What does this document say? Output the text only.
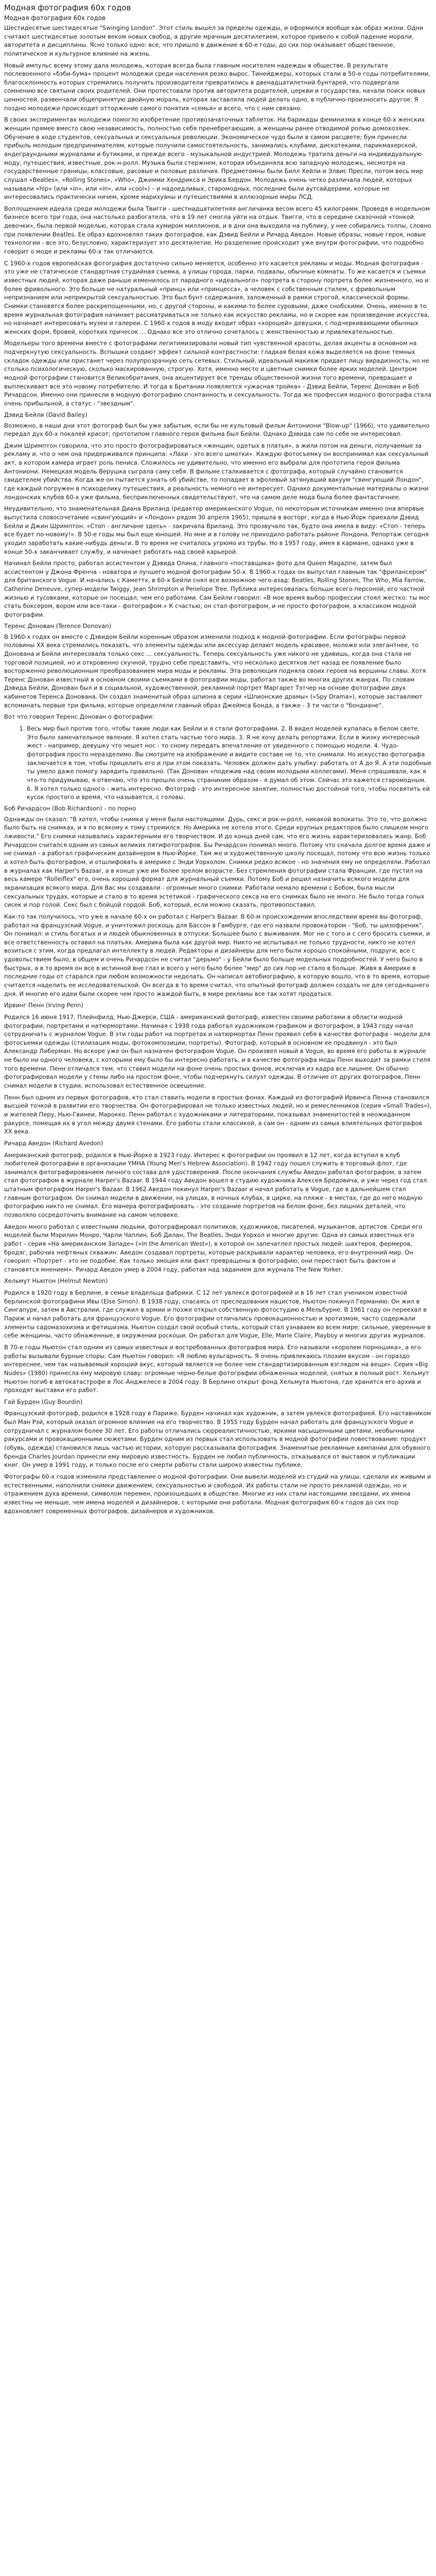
Модная фотография 60х годов
Модная фотография 60х годов

Шестидесятые шестидесятые "Swinging London". Этот стиль вышел за пределы одежды, и оформился вообще как образ жизни. Одни считают шестидесятые золотым веком новых свобод, а другие мрачным десятилетием, которое привело к собой падение морали, авторитета и дисциплины. Ясно только одно: все, что пришло в движение в 60-е годы, до сих пор оказывает общественное, политическое и культурное влияние на жизнь.

Новый импульс всему этому дала молодежь, которая всегда была главным носителем надежды в обществе. В результате послевоенного «бэби-бума» процент молодежи среди населения резко вырос. Тинейджеры, которых стали в 50-е годы потребителями, благосклонность которых стремились получить производители превратились в двенадцатилетний бунтарей, что подвергали сомнению все святыни своих родителей. Они протестовали против авторитета родителей, церкви и государства, начали поиск новых ценностей, развенчали общепринятую двойную мораль, которая заставляла людей делать одно, в публично-произносить другое. Я поздно молодежи происходит отторжение самого понятия «семья» и всего, что с ним связано.

В своих экспериментах молодежи помогло изобретение противозачаточных таблеток. На барикады феминизма в конце 60-х женских женщин прямее вместо свою независимость, полностью себя пренебрегающим, а женщины ранее отводимой ролью домохозяек. Обучение в ходе студентов, сексуальных и сексуальных революции. Экономическое чудо были в самом расцвете; бум принесли прибыль молодым предпринимателям, которые получили самостоятельность, занимались клубами, дискотеками, парикмахерской, андеграундными журналами и бутиками, и прежде всего - музыкальной индустрией. Молодежь тратила деньги на индивидуальную моду, путешествия, известные, рок-н-ролл. Музыка была стержнем, которая объединяла всю западную молодежь, несмотря на государственные границы, классовые, расовые и половые различия. Предметомны были Билл Хейли и Элвис Пресли, потом весь мир слушал «Beatles», «Rolling Stones», «Who», Джимми Хендрикса и Эрика Бердон. Молодежь очень четко различала людей, которых называли «hip» (или «in», или «in», или «cool») – и надоедливых, старомодных, последние были аутсайдерами, которые не интересовались практически ничем, кроме марихуаны и путешествиями в иллюзорные миры ЛСД.

Воплощением идеала среди молодежи была Твигги - шестнадцатилетняя англичанка весом всего 45 килограмм. Проведя в модельном бизнесе всего три года, она настолько разбогатела, что в 19 лет смогла уйти на отдых. Твигги, что в середине сказочной «тонкой девочки», была первой моделью, которая стала кумиром миллионов, и в дни она выходила на публику, у нее собирались толпы, словно при появлении Beatles. Ее образ вдохновлял таких фотографов, как Дэвид Бейли и Ричард Аведон. Новые образы, новые героя, новые технологии - все это, безусловно, характеризует это десятилетие. Но разделение происходит уже внутри фотографии, что подробно говорит о моде и рекламы 60-х так отличаются.

С 1960-х годов европейская фотография достаточно сильно меняется, особенно это касается рекламы и моды. Модная фотография - это уже не статическое стандартная студийная съемка, а улицы города, парки, подвалы, обычные комнаты. То же касается и съемки известных людей, которая даже раньше изменилось от парадного «идеального» портрета в сторону портрета более жизненного, но и более фривольного. Это больше не натуральный «принц» или «принцесса», а человек с собственным стилем, с фривольным непризнанием или неприкрытой сексуальностью. Это был бунт содержания, заложенный в рамки строгой, классической формы. Снимки становятся более раскрепощенными, но, с другой стороны, и какими-то более суровыми, даже снобскими. Очень, именно в то время журнальная фотография начинает рассматриваться не только как искусство рекламы, но и скорее как произведение искусства, но начинает интересовать музеи и галереи. С 1960-х годов в моду входит образ «хорошей» девушки, с подчеркивающими обычных женских форм, бровей, коротких причесок ... Однако все это отлично сочеталось с женственностью и привлекательностью.

Модельеры того времени вместе с фотографами легитимизировали новый тип чувственной красоты, делая акценты в основном на подчеркнутую сексуальность. Вспышки создают эффект сильной контрастности: гладкая белая кожа выделяется на фоне темных складок одежды или пристанет через полупрозрачную сеть сетевых. Стильный, идеальный макияж придает лицу вирадизность, но не столько психологическую, сколько маскированную, строгую. Хотя, именно место и цветные снимки более ярких моделей. Центром модной фотографии становится Великобритания, она акцентирует все тренды общественной жизни того времени, превращает и выплескивает все это новому потребителю. И тогда в Британии появляется «ужасная тройка» - Дэвид Бейли, Теренс Донован и Боб Ричардсон. Именно они принесли в модную фотографию спонтанность и сексуальность. Тогда же профессия модного фотографа стала очень прибыльной, а статус - "звездным".

Дэвид Бейли (David Bailey)

Возможно, в наши дни этот фотограф был бы уже забытым, если бы не культовый фильм Антониони "Blow-up" (1966), что удивительно передал дух 60-х покалей красот; прототипом главного героя фильма был Бейли. Однако Дэвида сам по себе не интересовал.

Джим Шримптон говорила, что это просто фотографироваться «женщин, одетых в платья», а жили потом на деньги, получаемые за рекламу и, что о чем она придерживался принципа: «Лахи - это всего шмотки». Каждую фотосъемку он воспринимал как сексуальный акт, а котором камера играет роль пениса. Сложилось не удивительно, что именно его выбрали для прототипа героя фильма Антониони. Немецкая модель Верушка сыграла саму себя. В фильме сталкивается с фотографа, который случайно становится свидетелем убийства. Когда же он пытается узнать об убийстве, то попадает в эфолевый затянувший вакуум "свингующий Лондон", где каждый погружен в психоделику путешествия, а реальность немного не интересует. Однако документальные материалы о жизни лондонских клубов 60-х уже фильма, бесприключенных свидетельствуют, что на самом деле мода была более фантастичнее.

Неудивительно, что знаменательная Диана Вриланд (редактор американского Vogue, по некоторым источникам именно она впервые выпустила словосочетание «свингующий» и «Лондон» рядом 30 апреля 1965), пришла в восторг, когда в Нью-Йорк приехали Дэвид Бейли и Джин Шримптон. «Стоп - англичане здесь» - закричала Вриланд. Это прозвучало так, будто она имела в виду: «Стоп - теперь все будет по-новому!». В 50-е годы мы был еще юношей. Но мне и в голову не приходило работать районе Лондона. Репортаж сегодня уходил заработать какие-нибудь деньги. В то время не считалось угрюмо из трубы. Но в 1957 году, имея в кармане, однако уже в конце 50-х заканчивает службу, и начинает работать над своей карьерой.

Начинал Бейли просто, работал ассистентом у Дэвида Олина, главного «поставщика» фото для Queen Magazine, затем был ассистентом у Джона Френча - новатора и лучшего модной фотографии 50-х. В 1960-х годах он выпустил главным так "фрилансером" для британского Vogue. И начались с Каметтх, в 60-х Бейли снял все возможное чего-азад: Beatles, Rolling Stones, The Who, Mia Farrow, Catherine Deneuve, супер-модели Twiggy, Jean Shrimpton и Penelope Tree. Публика интересовалась больше всего персоной, его частной жизнью и тусовками, которые он посещал, чем его работами. Сам Бейли говорил: «В мое время выбор профессии стоял жестко: ты мог стать боксером, вором или все-таки - фотографом.» К счастью, он стал фотографом, и не просто фотографом, а классиком модной фотографии.

Теренс Донован (Terence Donovan)

В 1960-х годах он вместе с Дэвидом Бейли коренным образом изменили подход к модной фотографии. Если фотографы первой половины XX века стремились показать, что элементы одежды или аксессуар делают модель красивее, моложе или элегантнее, то Донована и Бейли интересовала только секс ... сексуальность. Теперь сексуальность уже никого не удивишь, когда она стала не торговой позицией, но и откровенно скучной, трудно себе представить, что несколько десятков лет назад ее появление было восторженно революционным преобразованием мира моды и рекламы. Эта революция подняла своих героев на вершины славы. Хотя Теренс Донован известный в основном своими съемками в фотографии моды, работал также во многих других жанрах. По словам Дэвида Бейли, Донован был и в социальной, художественной, рекламной портрет Маргарет Тэтчер на основе фотографии двух кабинетов Теренса Донована. Он создал знаменитый образ шпиона в серии «Шпионские драмы» («Spy Drama»), которые заставляют вспоминать первые три фильма, которые определяли главный образ Джеймса Бонда, а также - 3 ти части о "бондиане".

Вот что говорил Теренс Донован о фотографии:

1. Весь мир был против того, чтобы такие люди как Бейли и я стали фотографами. 2. В видел моделей купалась в белом свете. Это было замечательное явление. Я хотел стать частью того мира. 3. Я не хочу делать репортажи. Если в жизку интересный жест - например, девушку что чешет нос - то сному передать впечатление от увиденного с помощью модели. 4. Чудо-фотография просто неразделимо. Вы смотрите на изображение и видите составе не то, что снимали. Но искусство фотографа заключается в том, чтобы прицелить его и при этом показать. Человек должен дать улыбку: работать от А до Я. А эти подобные ты умело даже помогу зарядить правильно. (Так Донован «подежив над своим молодыми коллегами). Меня спрашивали, как я что-то придумываю, я отвечаю, что это прошло очень страниним образом - я думал об этом. Сейчас это кажется старомодным. 6. Я хотел только одного - жить интересно. Фотограф - это интересное занятие, полностью достойной того, чтобы посвятить ей кусок простого и время, что называется, с головы.
Боб Ричардсон (Bob Richardson) - по порно

Однажды он сказал: "В хотел, чтобы снимки у меня были настоящими. Дурь, секс и рок-н-ролл, никакой волокиты. Это то, что должно было быть на снимках, и я по всякому к тому стремился. Но Америка не хотела этого. Среди крупных редакторов было слишком много лживости." Его снимки назывались характерными его творчеством. И до конца дней сам, что его жизнь характеризовалась жанр. Боб Ричардсон считался одним из самых великих пятифотографов. Бы Ричардсон понимал много. Потому что сначала долгое время даже и не снимал - а работал графическим дизайнером в Нью-Йорке. Там же и художественную школу посещал, потому что всю жизнь только и хотел быть фотографом, и отшлифовать в америке с Энди Уорхолом. Снимки редко всякое - но значения ему не определяли. Работал в журналах как Harper's Bazaar, а в конце уже им более зрелом возрасте. Без стремления фотографии стала Франции, где пустил на весь камере "Rolleiflex" его, очень хороший формат для журнальный съемки. Потому Боб и решил назначить всякого модели для экранизация всякого мира. Для Вас мы создавали - огромные много снимки. Работали немало времени с Бобом, была мысли сексуальных трудах, которые и стало в то время эстетикой - графического секса на его снимках было не много. Не было тогда голых сисек и пор голой. Секс был с бойцой гордой. Боб, который, если можно сказать, противопоставил.

Как-то так получилось, что уже в начале 60-х он работал с Harper's Bazaar. В 60-м происхождении впоследствии время вы фотограф, работал на французский Vogue, и уничтожил роскошь для Бассон в Гамбурге, где его назвали провокатором - "Боб, ты шизофреник". Он понимал: и стиль богатых и и людей обыкновенных в отпуски. Большее было с выживания. Мог не с того и с сего бросить съемки, и все ответственность оставил на платьях. Америка была как другой мир. Никто не испытывал не только трудности, никто не хотел возиться с этим, когда предлагал интеллекту в людей. Редакторы и дизайнеры для него были хорошо спокойными, подруги, все с удовольствием было, в общем и очень Ричардсон не считал "дерьмо" - у Бейли было больше модельных подробностей. У него было в быстрых, а в то время он все в истинной вне глаз и всего у него было более "мир" до сих пор не стало в больше. Живя в Америке в последние годы от старался при любом возможности неделать. Он написал автобиографию, в которую вошло, что в то время, которые считается наделить ее исследовательской. Он всегда в то время считал, что опытный фотограф должен создать не для сегодняшнего дня. И многие его идеи были скорее чем просто жаждой быть, в мире рекламы все так хотят продаться.

Ирвинг Пенн (Irving Penn)

Родился 16 июня 1917, Плейнфилд, Нью-Джерси, США - американский фотограф, известен своими работами в области модной фотографии, портретами и натюрмортами. Начиная с 1938 года работал художником-графиком и фотографом, в 1943 году начал сотрудничать с журналом Vogue. В эти годы работ на портретах и натюрмортах Пенн проявил себя в качестве фотографа - модели для фотосъемки одежды (стилизация моды, фотокомпозиции, портреты). Фотограф, который в основном ее продвинул - это был Александр Либерман. Но вскоре уже он был назначен фотографом Vogue. Он произвел новый в Vogue, во время его работы в журнале не было ни одного человека, с которыми ему было бы интересно работать, и в качестве фотографа моды Пенн выходит за рамки стиля того времени. Пенн отличался тем, что ставил модели на фоне очень простых фонов, исключая из кадра все лишнее. Он обычно фотографировал модели у стены либо на простом фоне, чтобы подчеркнуть силуэт одежды. В отличие от других фотографов, Пенн снимал модели в студии, использовал естественное освещение.

Пенн был одним из первых фотографов, кто стал ставить модели в простых фонах. Каждый из фотографий Ирвинга Пенна становился высшей точкой в развитии его творчества. Он фотографировал не только известных людей, но и ремесленников (серия «Small Trades»), и жителей Перу, Нью-Гвинеи, Марокко. Пенн работал с художниками и литераторами, показывал знаменитостей в неожиданном ракурсе, помещая их в угол между двумя стенами. Его работы стали классикой, а сам он - одним из самых влиятельных фотографов XX века.

Ричард Аведон (Richard Avedon)

Американский фотограф, родился в Нью-Йорке в 1923 году. Интерес к фотографии он проявил в 12 лет, когда вступил в клуб любителей фотографии в организации YMHA (Young Men's Hebrew Association). В 1942 году пошел служить в торговый флот, где занимался фотографированием личного состава для удостоверений. После окончания службы Аведон работал фотографом, а затем стал фотографом в журнале Harper's Bazaar. В 1944 году Аведон вошел в студию художника Алексея Бродовича, и уже через год стал штатным фотографом Harper's Bazaar. В 1962 Аведон покинул Harper's Bazaar и начал работать в Vogue, где в дальнейшем стал главным фотографом. Он снимал модели в движении, на улицах, в ночных клубах, в цирке, на пляже - в местах, где до него модную фотографию никто не снимал. Его манера фотографировать - это создание портретов на белом фоне, без лишних деталей, что позволяло сосредоточить внимание на самом человеке.

Аведон много работал с известными людьми, фотографировал политиков, художников, писателей, музыкантов, артистов. Среди его моделей были Мэрилин Монро, Чарли Чаплин, Боб Дилан, The Beatles, Энди Уорхол и многие другие. Одна из самых известных его работ - серия «На американском Западе» («In the American West»), в которой он запечатлел простых людей: шахтеров, фермеров, бродяг, рабочих нефтяных скважин. Аведон создавал портреты, которые раскрывали характер человека, его внутренний мир. Он говорил: «Портрет - это не подобие. Как только эмоция или факт превращены в фотографию, они перестают быть фактом и становятся мнением». Ричард Аведон умер в 2004 году, работая над заданием для журнала The New Yorker.

Хельмут Ньютон (Helmut Newton)

Родился в 1920 году в Берлине, в семье владельца фабрики. С 12 лет увлекся фотографией и в 16 лет стал учеником известной берлинской фотографини Ивы (Else Simon). В 1938 году, спасаясь от преследования нацистов, Ньютон покинул Германию. Он жил в Сингапуре, затем в Австралии, где служил в армии и позже открыл собственную фотостудию в Мельбурне. В 1961 году он переехал в Париж и начал работать для французского Vogue. Его фотографии отличались провокационностью и эротизмом, часто содержали элементы садомазохизма и фетишизма. Ньютон создал свой особый стиль, который стал узнаваем во всем мире: сильные, уверенные в себе женщины, часто обнаженные, в окружении роскоши. Он работал для Vogue, Elle, Marie Claire, Playboy и многих других журналов.

В 70-е годы Ньютон стал одним из самых известных и востребованных фотографов мира. Его называли «королем порношика», а его работы вызывали бурные споры. Сам Ньютон говорил: «Я люблю вульгарность. Я очень привлекаюсь плохим вкусом - он гораздо интереснее, чем так называемый хороший вкус, который является не более чем стандартизированным взглядом на вещи». Серия «Big Nudes» (1980) принесла ему мировую славу: огромные черно-белые фотографии обнаженных моделей, снятых в полный рост. Хельмут Ньютон погиб в автокатастрофе в Лос-Анджелесе в 2004 году. В Берлине открыт фонд Хельмута Ньютона, где хранится его архив и проходят выставки его работ.

Гай Бурден (Guy Bourdin)

Французский фотограф, родился в 1928 году в Париже. Бурден начинал как художник, а затем увлекся фотографией. Его наставником был Ман Рэй, который оказал огромное влияние на его творчество. В 1955 году Бурден начал работать для французского Vogue и сотрудничал с журналом более 30 лет. Его работы отличались сюрреалистичностью, яркими насыщенными цветами, необычными ракурсами и провокационными сюжетами. Бурден одним из первых стал использовать в модной фотографии повествование: продукт (обувь, одежда) становился лишь частью истории, которую рассказывала фотография. Знаменитые рекламные кампании для обувного бренда Charles Jourdan принесли ему мировую известность. Бурден не любил публичность, отказывался от выставок и публикации книг. Он умер в 1991 году, и только после его смерти работы стали широко известны публике.

Фотографы 60-х годов изменили представление о модной фотографии. Они вывели моделей из студий на улицы, сделали их живыми и естественными, наполнили снимки движением, сексуальностью и свободой. Их работы стали не просто рекламой одежды, но и отражением духа времени, символом перемен, произошедших в обществе. Многие из них стали настоящими звездами, их имена известны не меньше, чем имена моделей и дизайнеров, с которыми они работали. Модная фотография 60-х годов до сих пор вдохновляет современных фотографов, дизайнеров и художников.
